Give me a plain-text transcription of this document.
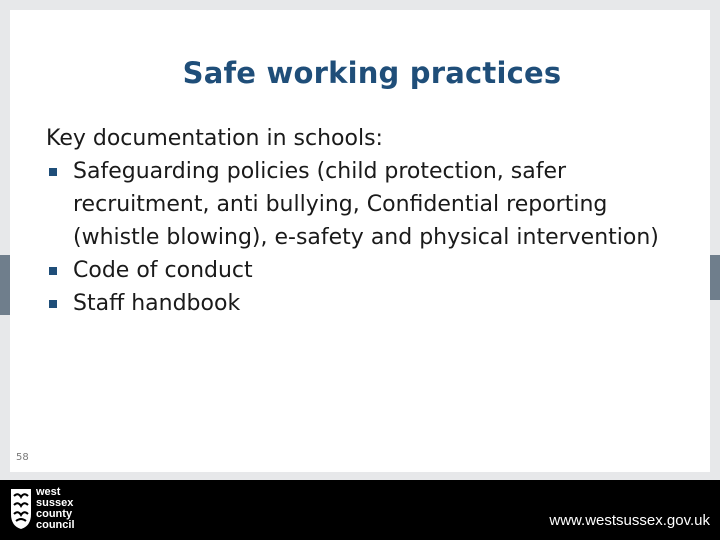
Safe working practices

Key documentation in schools:

Safeguarding policies (child protection, safer recruitment, anti bullying, Confidential reporting (whistle blowing), e-safety and physical intervention)
Code of conduct
Staff handbook
58
west
sussex
county
council	www.westsussex.gov.uk
